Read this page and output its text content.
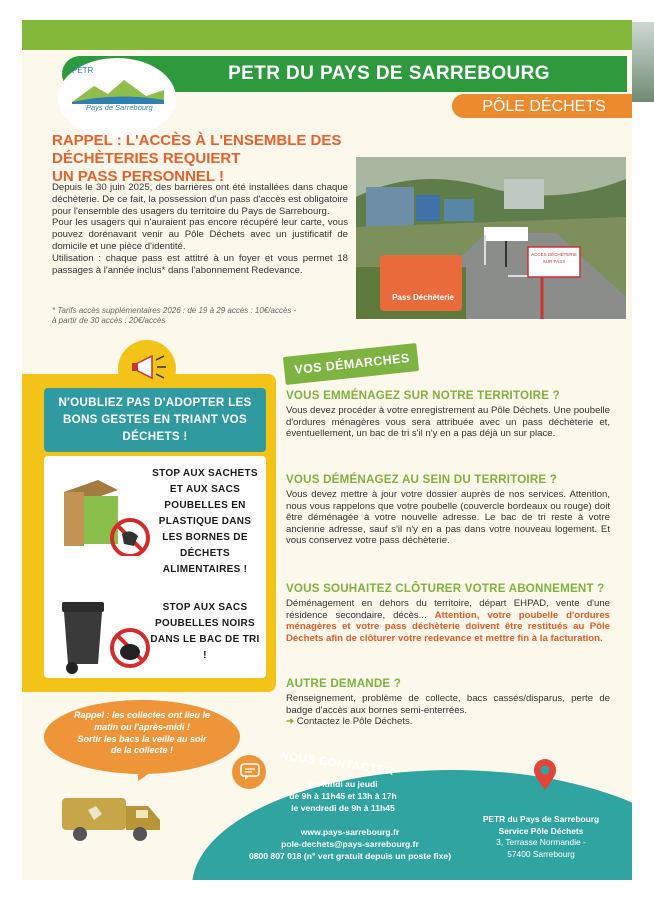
PETR DU PAYS DE SARREBOURG
PÔLE DÉCHETS
PETR
Pays de Sarrebourg
RAPPEL : L'ACCÈS À L'ENSEMBLE DES DÉCHÈTERIES REQUIERT
UN PASS PERSONNEL !

Depuis le 30 juin 2025, des barrières ont été installées dans chaque déchèterie. De ce fait, la possession d'un pass d'accès est obligatoire pour l'ensemble des usagers du territoire du Pays de Sarrebourg.

Pour les usagers qui n'auraient pas encore récupéré leur carte, vous pouvez dorénavant venir au Pôle Déchets avec un justificatif de domicile et une pièce d'identité.

Utilisation : chaque pass est attitré à un foyer et vous permet 18 passages à l'année inclus* dans l'abonnement Redevance.

* Tarifs accès supplémentaires 2026 : de 19 à 29 accès : 10€/accès -
à partir de 30 accès : 20€/accès
Pass Déchèterie
ACCÈS DÉCHÈTERIE
SUR PASS
N'OUBLIEZ PAS D'ADOPTER LES BONS GESTES EN TRIANT VOS DÉCHETS !
STOP AUX SACHETS ET AUX SACS POUBELLES EN PLASTIQUE DANS LES BORNES DE DÉCHETS ALIMENTAIRES !
STOP AUX SACS POUBELLES NOIRS DANS LE BAC DE TRI !
VOS DÉMARCHES
VOUS EMMÉNAGEZ SUR NOTRE TERRITOIRE ?
Vous devez procéder à votre enregistrement au Pôle Déchets. Une poubelle d'ordures ménagères vous sera attribuée avec un pass déchèterie et, éventuellement, un bac de tri s'il n'y en a pas déjà un sur place.
VOUS DÉMÉNAGEZ AU SEIN DU TERRITOIRE ?
Vous devez mettre à jour votre dossier auprès de nos services. Attention, nous vous rappelons que votre poubelle (couvercle bordeaux ou rouge) doit être déménagée à votre nouvelle adresse. Le bac de tri reste à votre ancienne adresse, sauf s'il n'y en a pas dans votre nouveau logement. Et vous conservez votre pass déchèterie.
VOUS SOUHAITEZ CLÔTURER VOTRE ABONNEMENT ?
Déménagement en dehors du territoire, départ EHPAD, vente d'une résidence secondaire, décès... Attention, votre poubelle d'ordures ménagères et votre pass déchèterie doivent être restitués au Pôle Déchets afin de clôturer votre redevance et mettre fin à la facturation.
AUTRE DEMANDE ?
Renseignement, problème de collecte, bacs cassés/disparus, perte de badge d'accès aux bornes semi-enterrées.
➜ Contactez le Pôle Déchets.
Rappel : les collectes ont lieu le
matin ou l'après-midi !
Sortir les bacs la veille au soir
de la collecte !	NOUS CONTACTER
Du lundi au jeudi
de 9h à 11h45 et 13h à 17h
le vendredi de 9h à 11h45
www.pays-sarrebourg.fr
pole-dechets@pays-sarrebourg.fr
0800 807 018 (n° vert gratuit depuis un poste fixe)
PETR du Pays de Sarrebourg
Service Pôle Déchets
3, Terrasse Normandie -
57400 Sarrebourg
